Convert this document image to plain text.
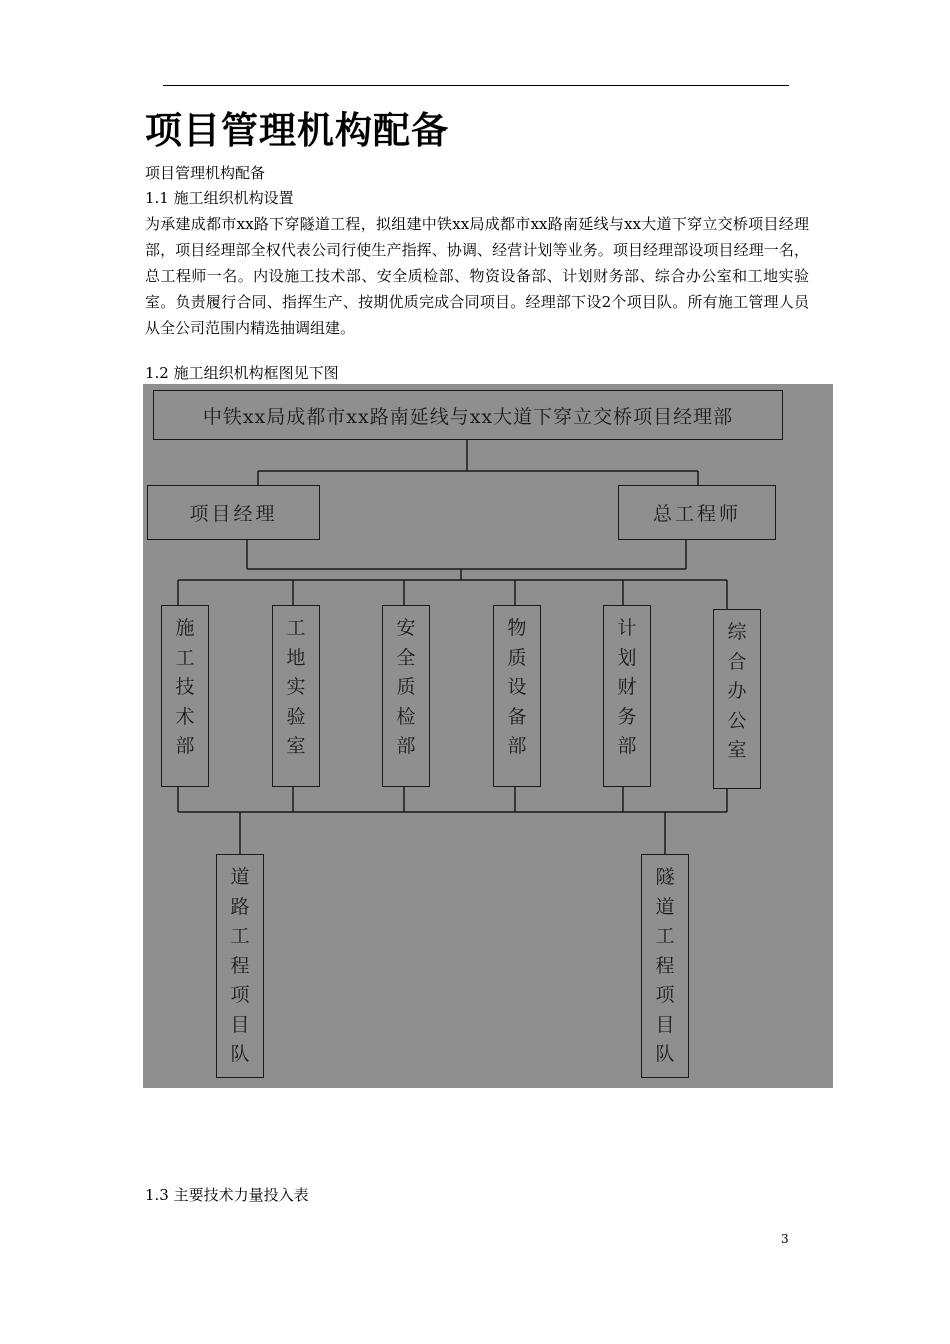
项目管理机构配备
项目管理机构配备
1.1 施工组织机构设置

为承建成都市xx路下穿隧道工程，拟组建中铁xx局成都市xx路南延线与xx大道下穿立交桥项目经理部，项目经理部全权代表公司行使生产指挥、协调、经营计划等业务。项目经理部设项目经理一名，总工程师一名。内设施工技术部、安全质检部、物资设备部、计划财务部、综合办公室和工地实验室。负责履行合同、指挥生产、按期优质完成合同项目。经理部下设2个项目队。所有施工管理人员从全公司范围内精选抽调组建。

1.2 施工组织机构框图见下图
中铁xx局成都市xx路南延线与xx大道下穿立交桥项目经理部
项目经理	总工程师
施
工
技
术
部
工
地
实
验
室
安
全
质
检
部
物
质
设
备
部
计
划
财
务
部
综
合
办
公
室
道
路
工
程
项
目
队
隧
道
工
程
项
目
队
1.3 主要技术力量投入表
3
